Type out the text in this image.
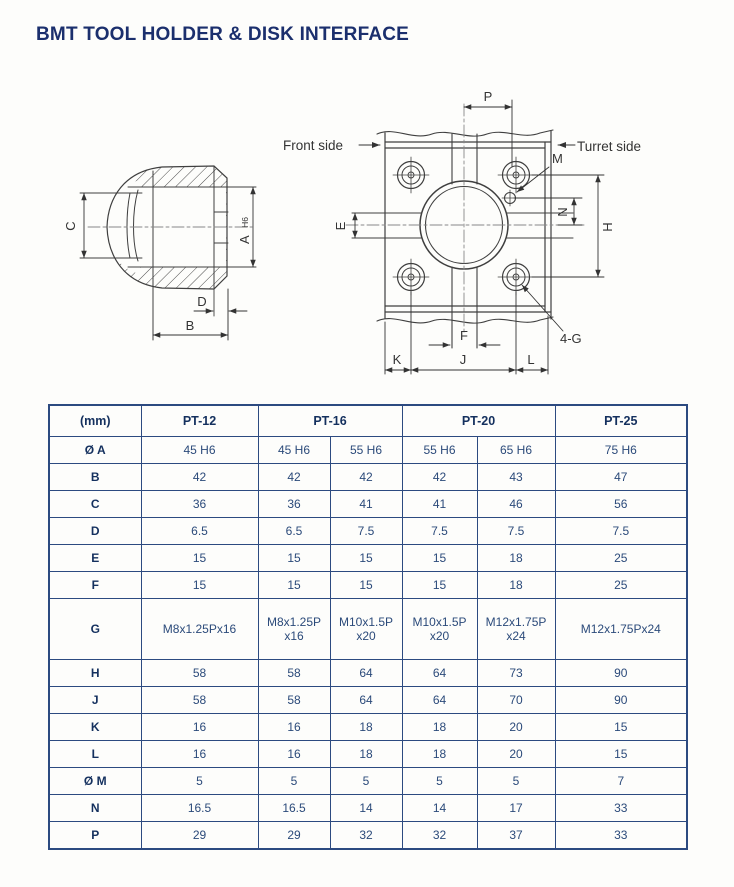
BMT TOOL HOLDER & DISK INTERFACE
C
A H6
D
B
P
E
F
K	J	L
H
N
M
4-G
Front side	Turret side
(mm)	PT-12	PT-16		PT-20		PT-25
Ø A	45 H6	45 H6	55 H6	55 H6	65 H6	75 H6
B	42	42	42	42	43	47
C	36	36	41	41	46	56
D	6.5	6.5	7.5	7.5	7.5	7.5
E	15	15	15	15	18	25
F	15	15	15	15	18	25
G	M8x1.25Px16	M8x1.25P x16	M10x1.5P x20	M10x1.5P x20	M12x1.75P x24	M12x1.75Px24
H	58	58	64	64	73	90
J	58	58	64	64	70	90
K	16	16	18	18	20	15
L	16	16	18	18	20	15
Ø M	5	5	5	5	5	7
N	16.5	16.5	14	14	17	33
P	29	29	32	32	37	33
